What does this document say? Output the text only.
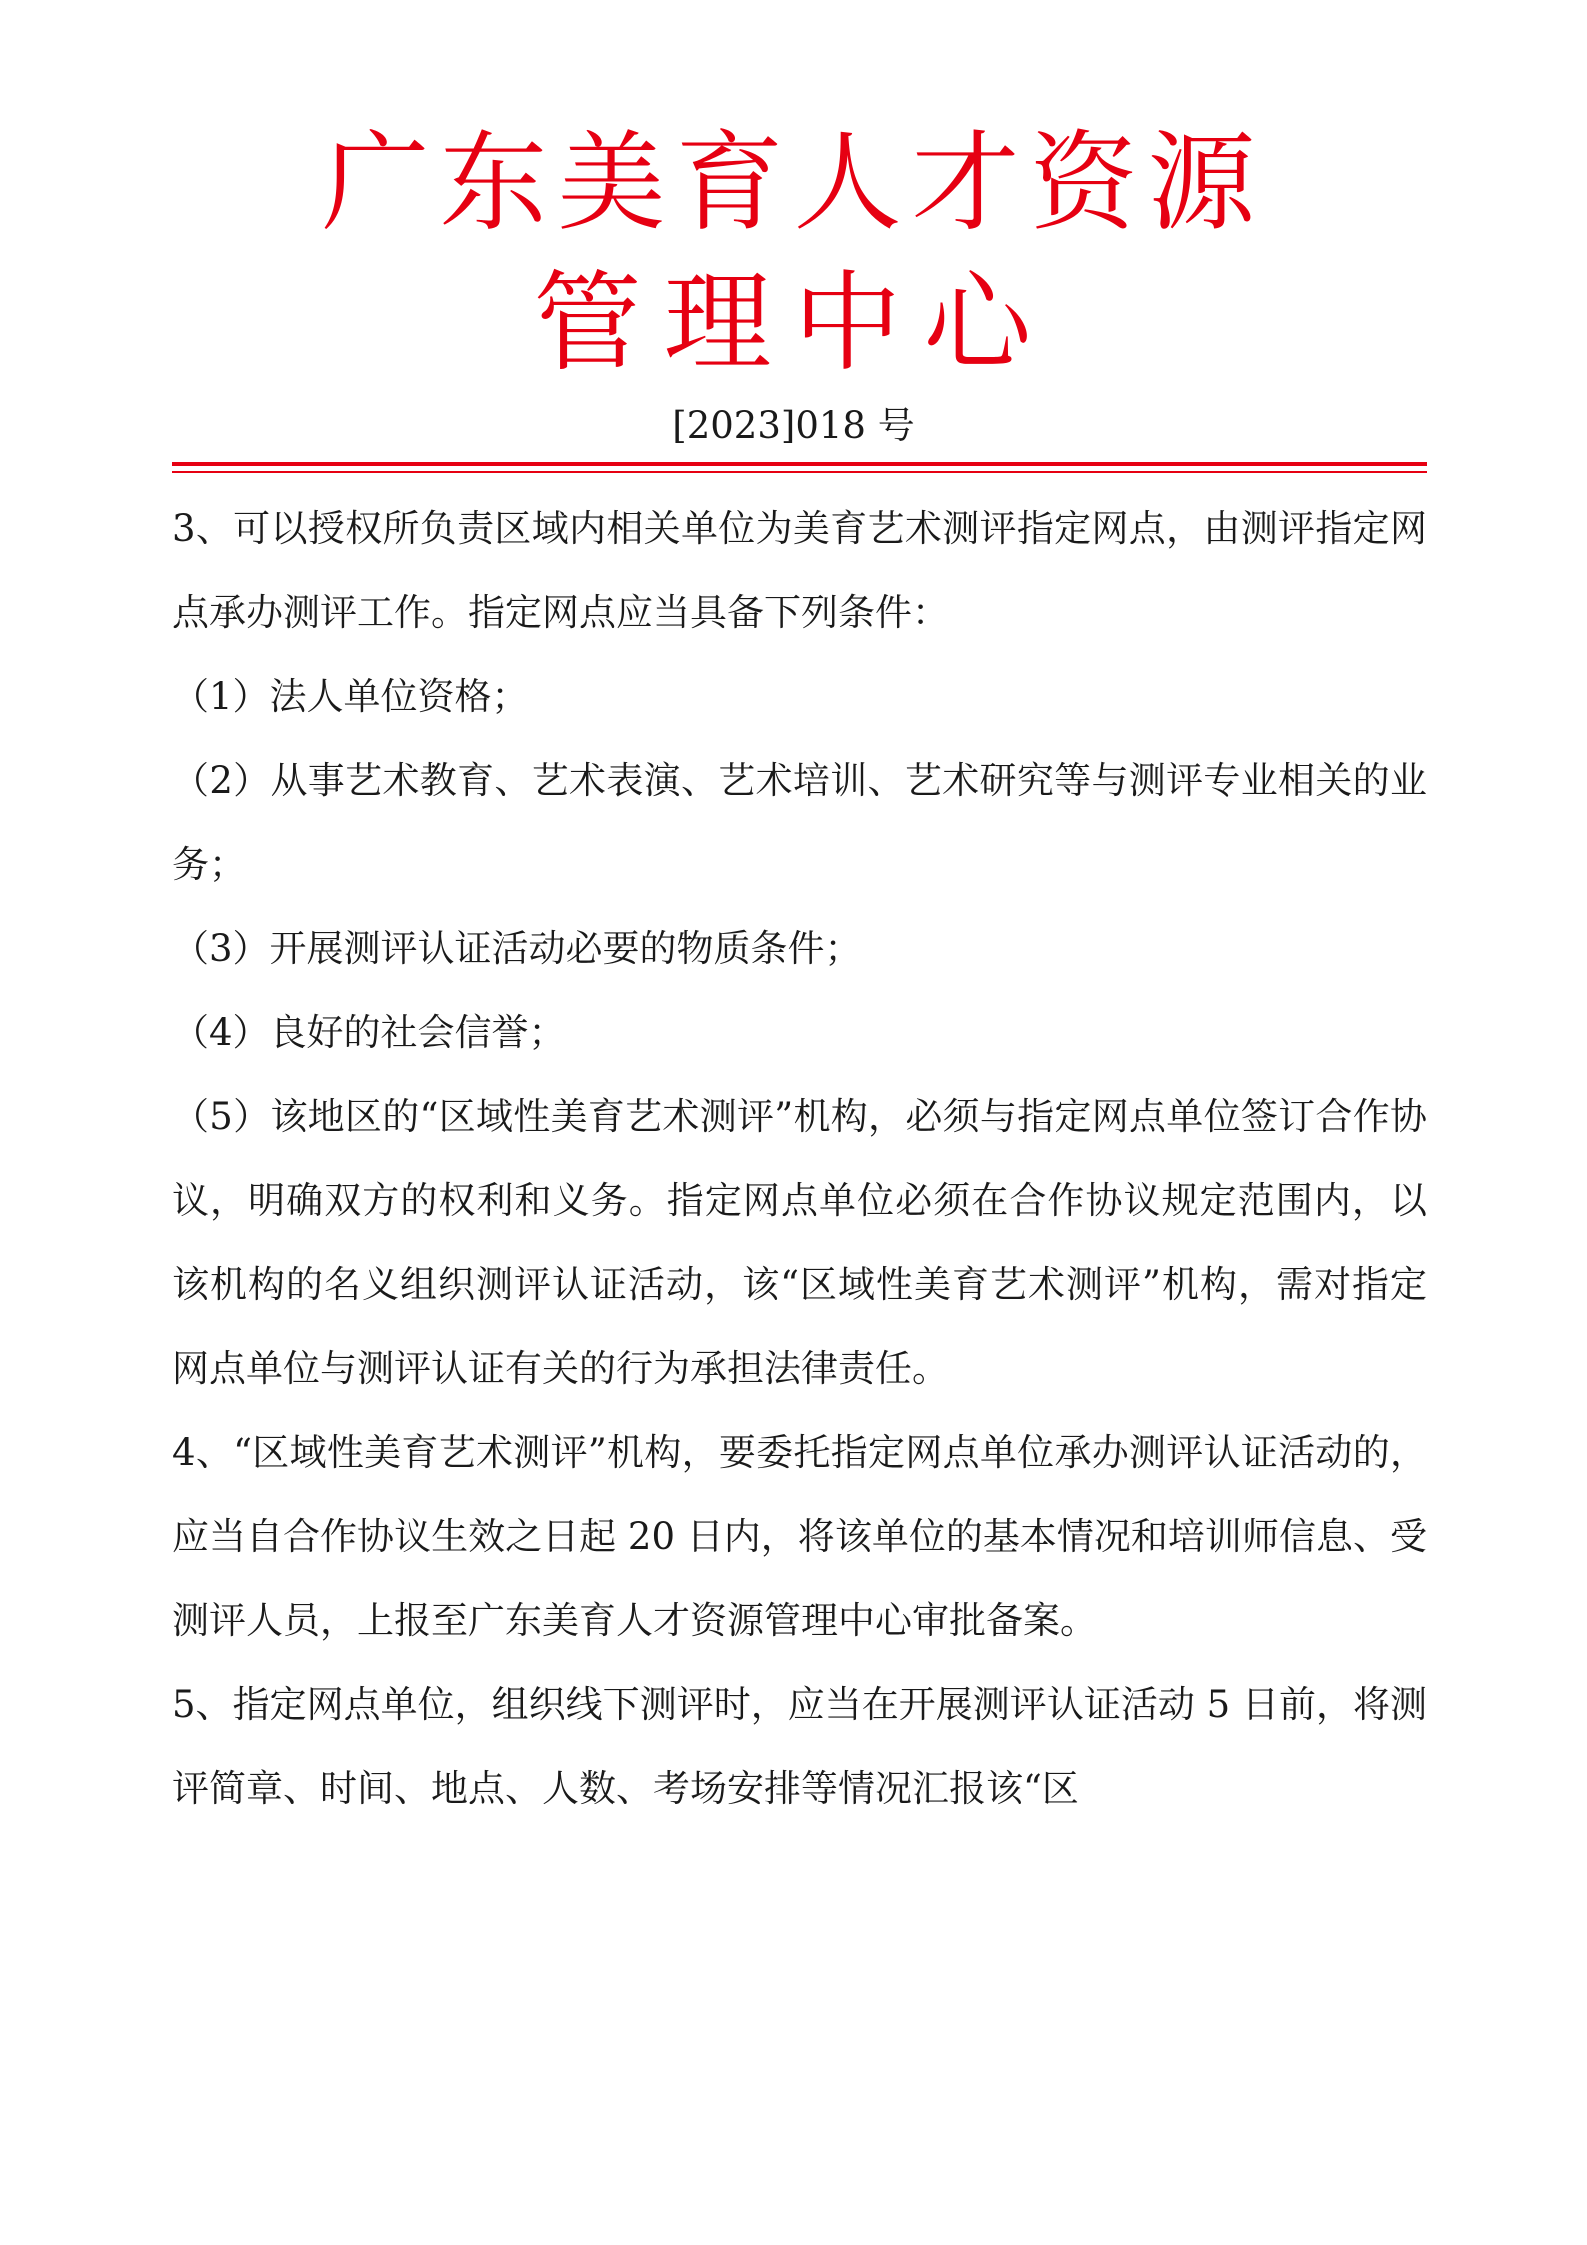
广东美育人才资源
管理中心
[2023]018 号

3、可以授权所负责区域内相关单位为美育艺术测评指定网点，由测评指定网点承办测评工作。指定网点应当具备下列条件：

（1）法人单位资格；

（2）从事艺术教育、艺术表演、艺术培训、艺术研究等与测评专业相关的业务；

（3）开展测评认证活动必要的物质条件；

（4）良好的社会信誉；

（5）该地区的“区域性美育艺术测评”机构，必须与指定网点单位签订合作协议，明确双方的权利和义务。指定网点单位必须在合作协议规定范围内，以该机构的名义组织测评认证活动，该“区域性美育艺术测评”机构，需对指定网点单位与测评认证有关的行为承担法律责任。

4、“区域性美育艺术测评”机构，要委托指定网点单位承办测评认证活动的，应当自合作协议生效之日起 20 日内，将该单位的基本情况和培训师信息、受测评人员，上报至广东美育人才资源管理中心审批备案。

5、指定网点单位，组织线下测评时，应当在开展测评认证活动 5 日前，将测评简章、时间、地点、人数、考场安排等情况汇报该“区
